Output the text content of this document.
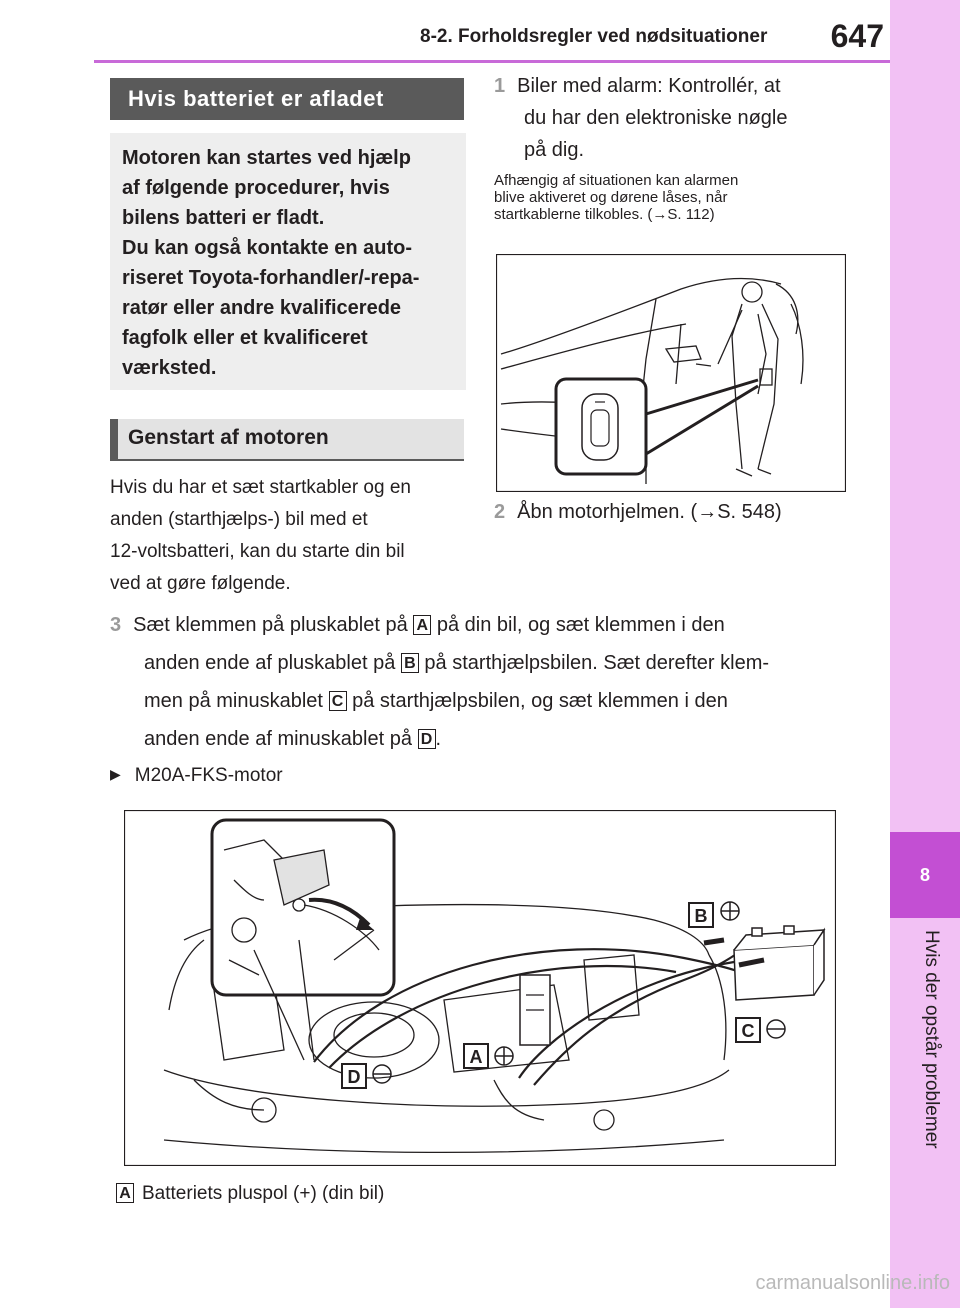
8-2. Forholdsregler ved nødsituationer	647
8
Hvis der opstår problemer
Hvis batteriet er afladet
Motoren kan startes ved hjælp
af følgende procedurer, hvis
bilens batteri er fladt.
Du kan også kontakte en auto-
riseret Toyota-forhandler/-repa-
ratør eller andre kvalificerede
fagfolk eller et kvalificeret
værksted.
Genstart af motoren
Hvis du har et sæt startkabler og en
anden (starthjælps-) bil med et
12-voltsbatteri, kan du starte din bil
ved at gøre følgende.
1 Biler med alarm: Kontrollér, at
du har den elektroniske nøgle
på dig.
Afhængig af situationen kan alarmen
blive aktiveret og dørene låses, når
startkablerne tilkobles. (→S. 112)
2 Åbn motorhjelmen. (→S. 548)
3 Sæt klemmen på pluskablet på A på din bil, og sæt klemmen i den
anden ende af pluskablet på B på starthjælpsbilen. Sæt derefter klem-
men på minuskablet C på starthjælpsbilen, og sæt klemmen i den
anden ende af minuskablet på D .
▶ M20A-FKS-motor
B
C
A
D
A Batteriets pluspol (+) (din bil)
carmanualsonline.info
